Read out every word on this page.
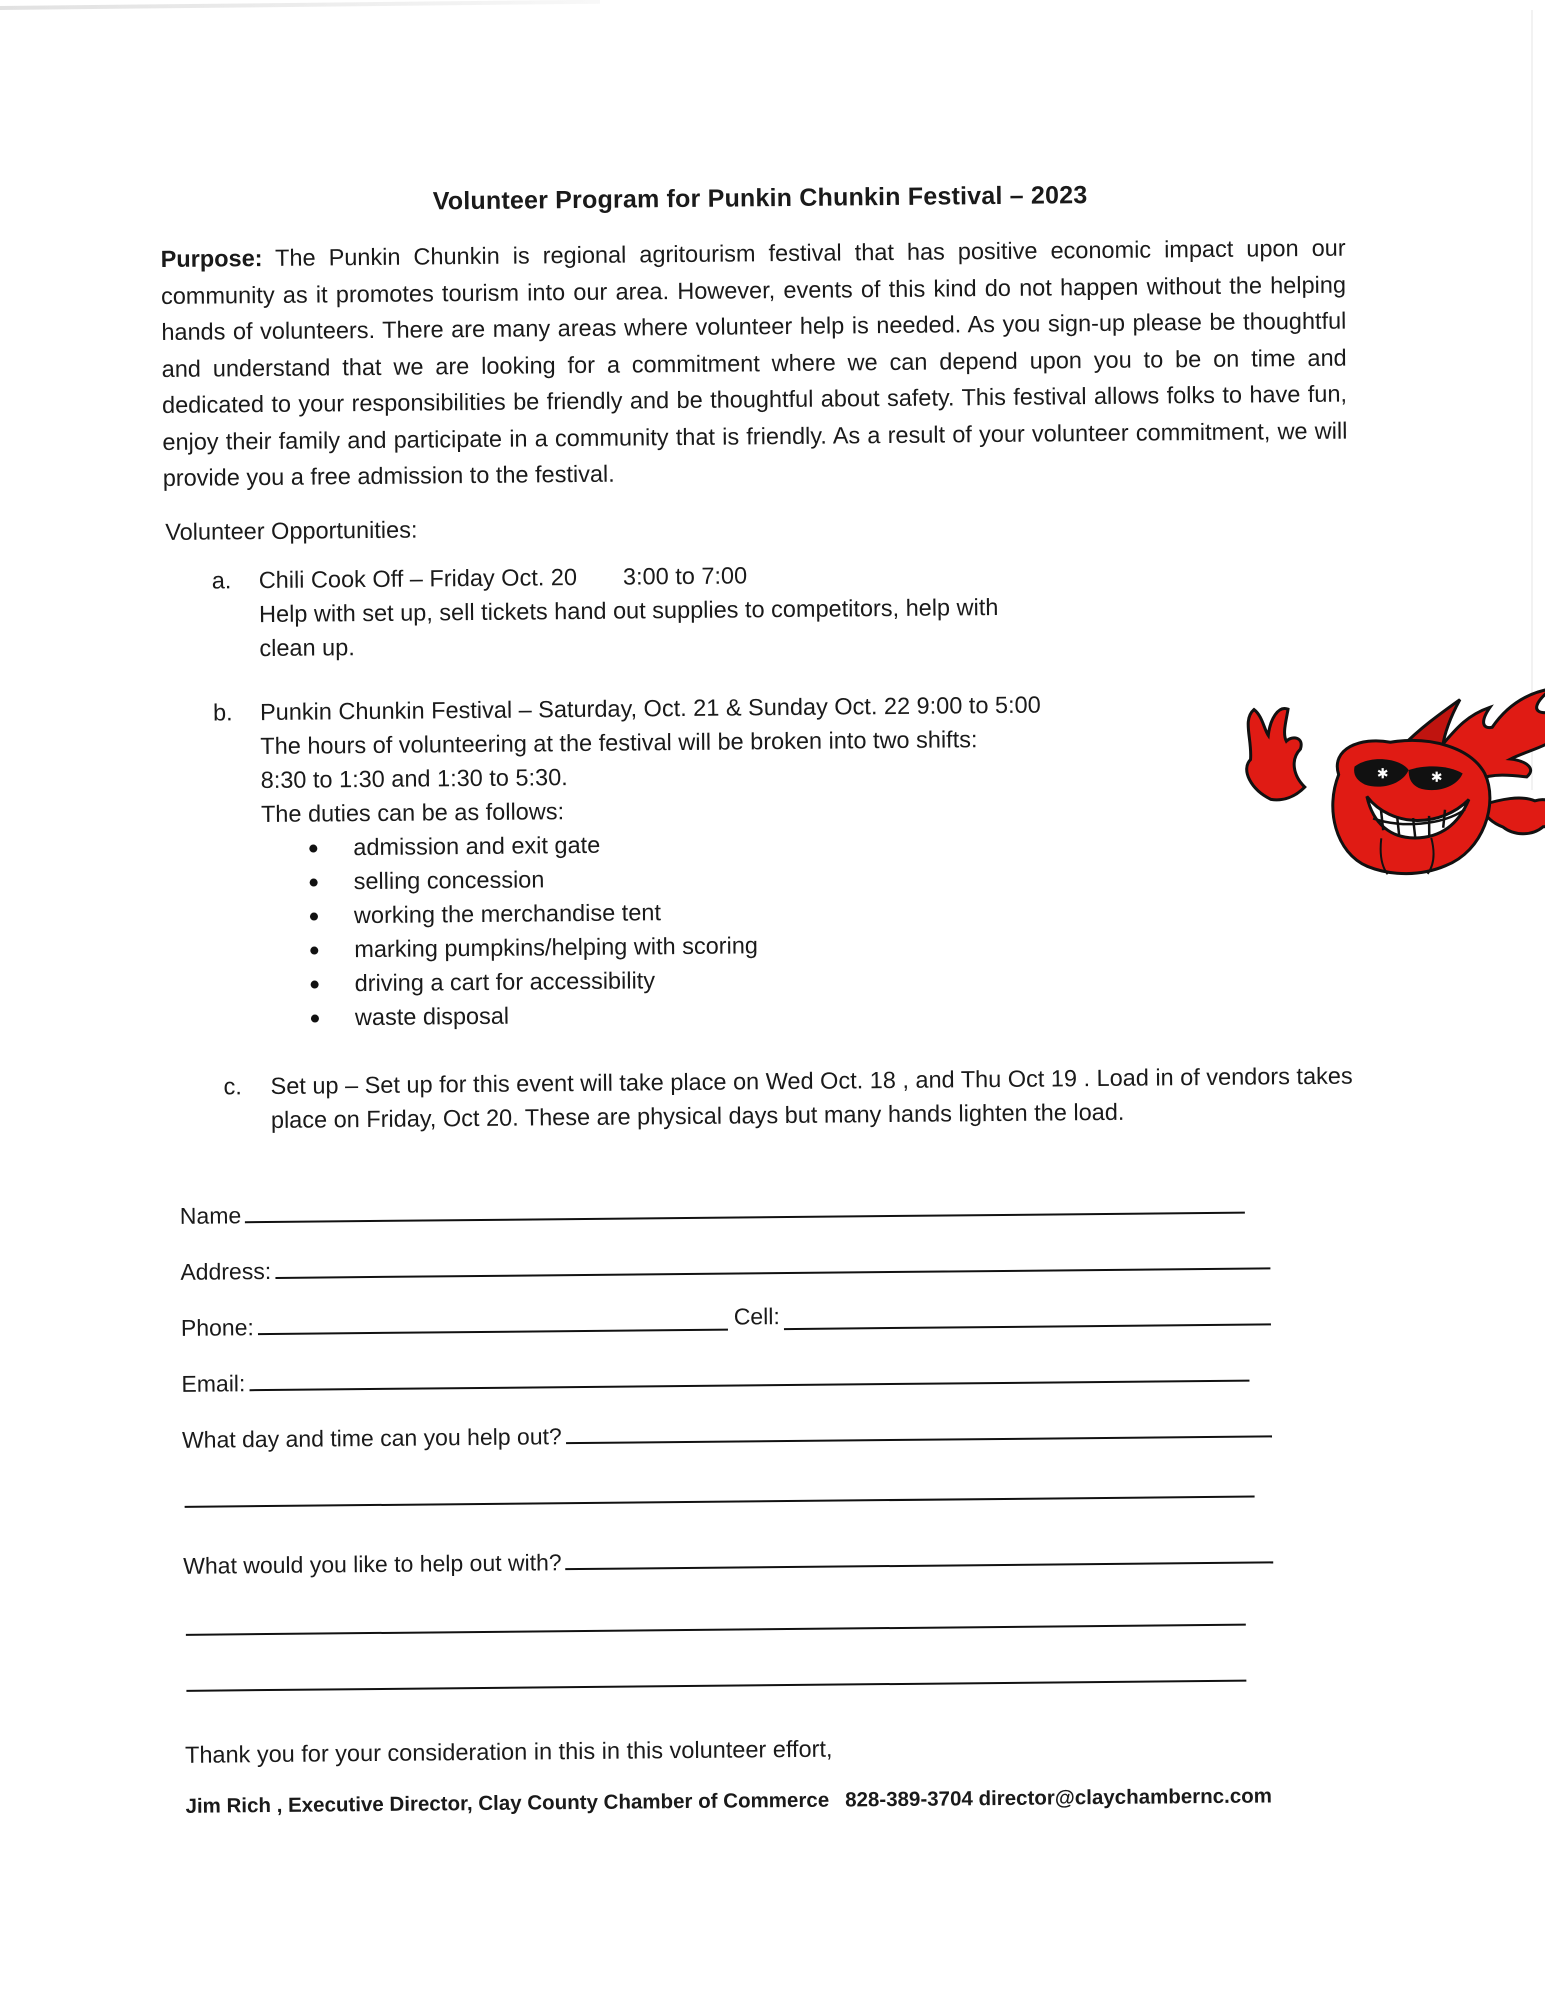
Volunteer Program for Punkin Chunkin Festival – 2023

Purpose: The Punkin Chunkin is regional agritourism festival that has positive economic impact upon our community as it promotes tourism into our area. However, events of this kind do not happen without the helping hands of volunteers. There are many areas where volunteer help is needed. As you sign-up please be thoughtful and understand that we are looking for a commitment where we can depend upon you to be on time and dedicated to your responsibilities be friendly and be thoughtful about safety. This festival allows folks to have fun, enjoy their family and participate in a community that is friendly. As a result of your volunteer commitment, we will provide you a free admission to the festival.

Volunteer Opportunities:
a. Chili Cook Off – Friday Oct. 20 3:00 to 7:00
Help with set up, sell tickets hand out supplies to competitors, help with clean up.
b. Punkin Chunkin Festival – Saturday, Oct. 21 & Sunday Oct. 22 9:00 to 5:00
The hours of volunteering at the festival will be broken into two shifts:
8:30 to 1:30 and 1:30 to 5:30.
The duties can be as follows:
admission and exit gate
selling concession
working the merchandise tent
marking pumpkins/helping with scoring
driving a cart for accessibility
waste disposal
c. Set up – Set up for this event will take place on Wed Oct. 18 , and Thu Oct 19 . Load in of vendors takes place on Friday, Oct 20. These are physical days but many hands lighten the load.
Name
Address:
Phone:	Cell:
Email:
What day and time can you help out?
What would you like to help out with?
Thank you for your consideration in this in this volunteer effort,
Jim Rich , Executive Director, Clay County Chamber of Commerce 828-389-3704 director@claychambernc.com
✱	✱
